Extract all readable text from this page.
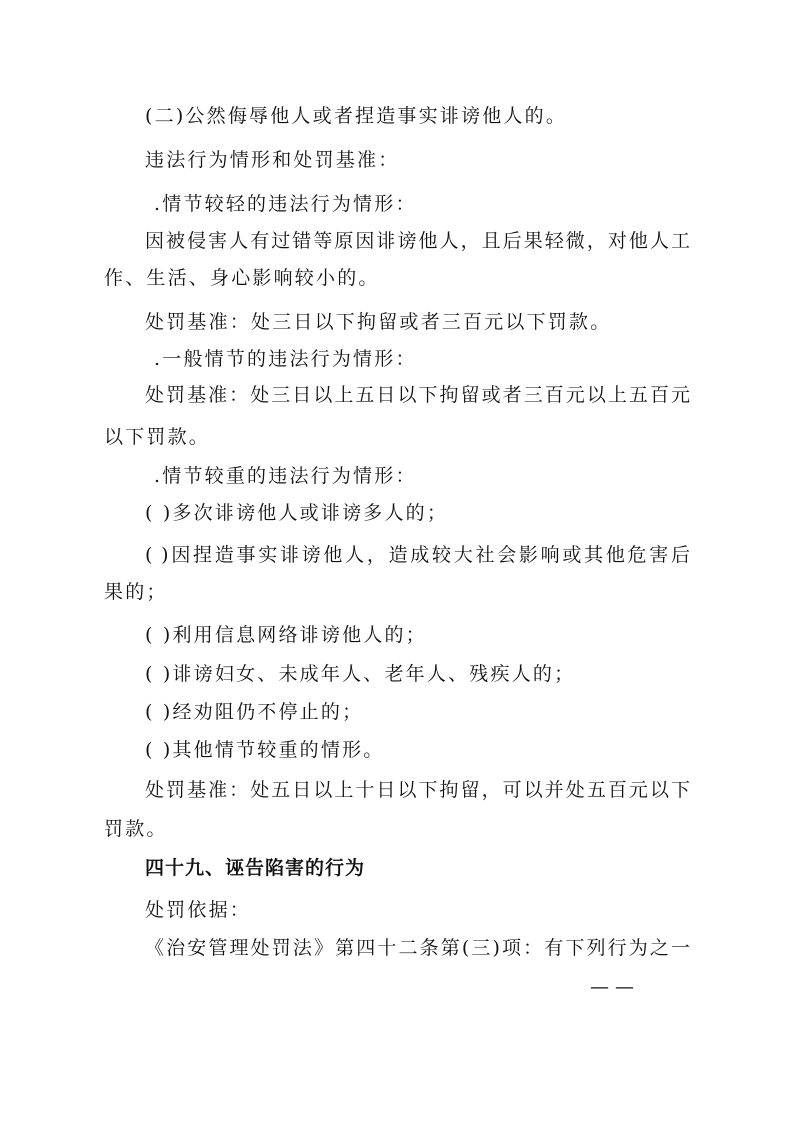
(二)公然侮辱他人或者捏造事实诽谤他人的。
违法行为情形和处罚基准：
.情节较轻的违法行为情形：
因被侵害人有过错等原因诽谤他人，且后果轻微，对他人工
作、生活、身心影响较小的。
处罚基准：处三日以下拘留或者三百元以下罚款。
.一般情节的违法行为情形：
处罚基准：处三日以上五日以下拘留或者三百元以上五百元
以下罚款。
.情节较重的违法行为情形：
( )多次诽谤他人或诽谤多人的；
( )因捏造事实诽谤他人，造成较大社会影响或其他危害后
果的；
( )利用信息网络诽谤他人的；
( )诽谤妇女、未成年人、老年人、残疾人的；
( )经劝阻仍不停止的；
( )其他情节较重的情形。
处罚基准：处五日以上十日以下拘留，可以并处五百元以下
罚款。
四十九、诬告陷害的行为
处罚依据：
《治安管理处罚法》第四十二条第(三)项：有下列行为之一
— —
